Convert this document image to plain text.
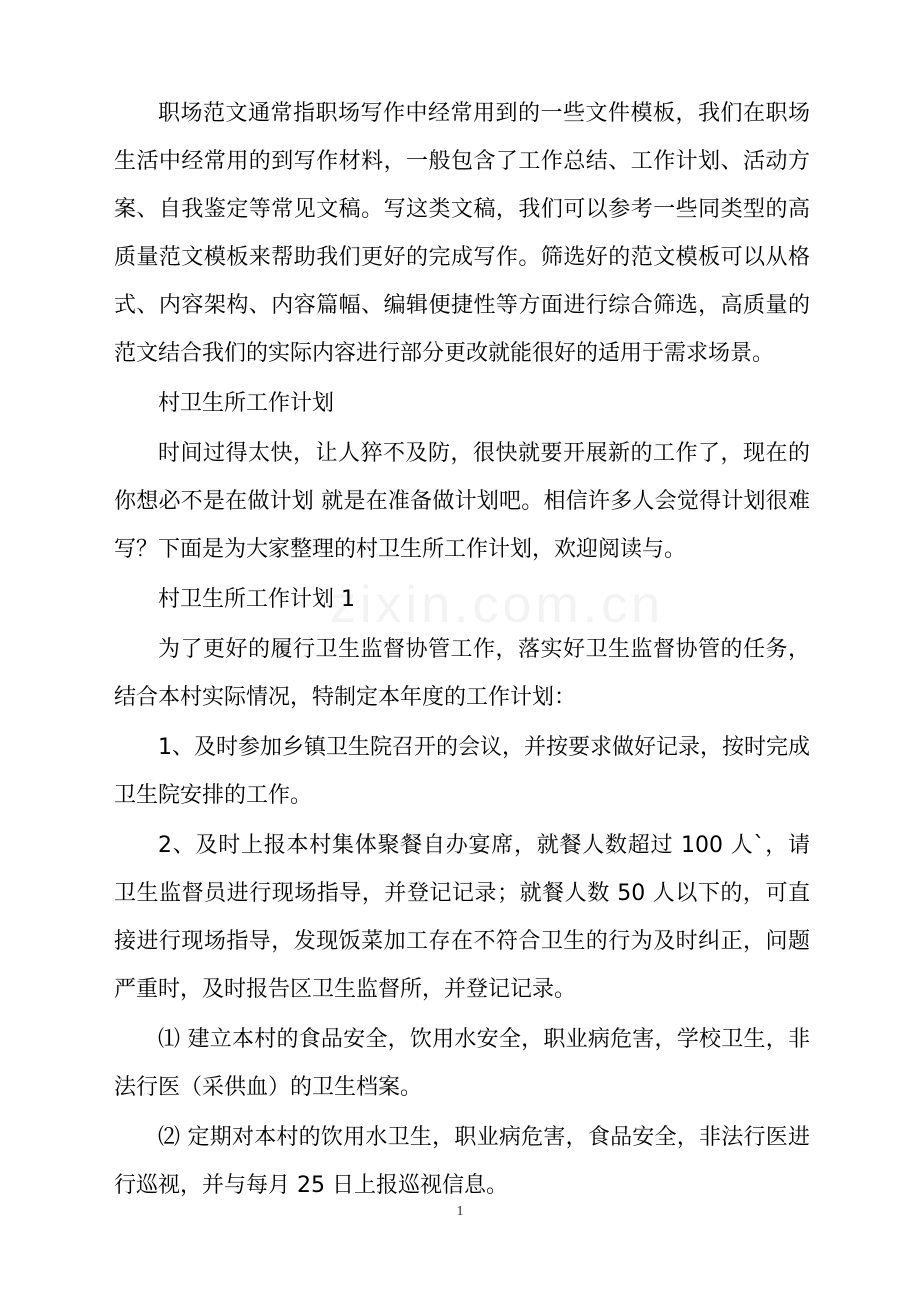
职场范文通常指职场写作中经常用到的一些文件模板，我们在职场生活中经常用的到写作材料，一般包含了工作总结、工作计划、活动方案、自我鉴定等常见文稿。写这类文稿，我们可以参考一些同类型的高质量范文模板来帮助我们更好的完成写作。筛选好的范文模板可以从格式、内容架构、内容篇幅、编辑便捷性等方面进行综合筛选，高质量的范文结合我们的实际内容进行部分更改就能很好的适用于需求场景。

村卫生所工作计划

时间过得太快，让人猝不及防，很快就要开展新的工作了，现在的你想必不是在做计划 就是在准备做计划吧。相信许多人会觉得计划很难写？下面是为大家整理的村卫生所工作计划，欢迎阅读与。

村卫生所工作计划 1

为了更好的履行卫生监督协管工作，落实好卫生监督协管的任务，结合本村实际情况，特制定本年度的工作计划：

1、及时参加乡镇卫生院召开的会议，并按要求做好记录，按时完成卫生院安排的工作。

2、及时上报本村集体聚餐自办宴席，就餐人数超过 100 人`，请卫生监督员进行现场指导，并登记记录；就餐人数 50 人以下的，可直接进行现场指导，发现饭菜加工存在不符合卫生的行为及时纠正，问题严重时，及时报告区卫生监督所，并登记记录。

⑴ 建立本村的食品安全，饮用水安全，职业病危害，学校卫生，非法行医（采供血）的卫生档案。

⑵ 定期对本村的饮用水卫生，职业病危害，食品安全，非法行医进行巡视，并与每月 25 日上报巡视信息。

1
